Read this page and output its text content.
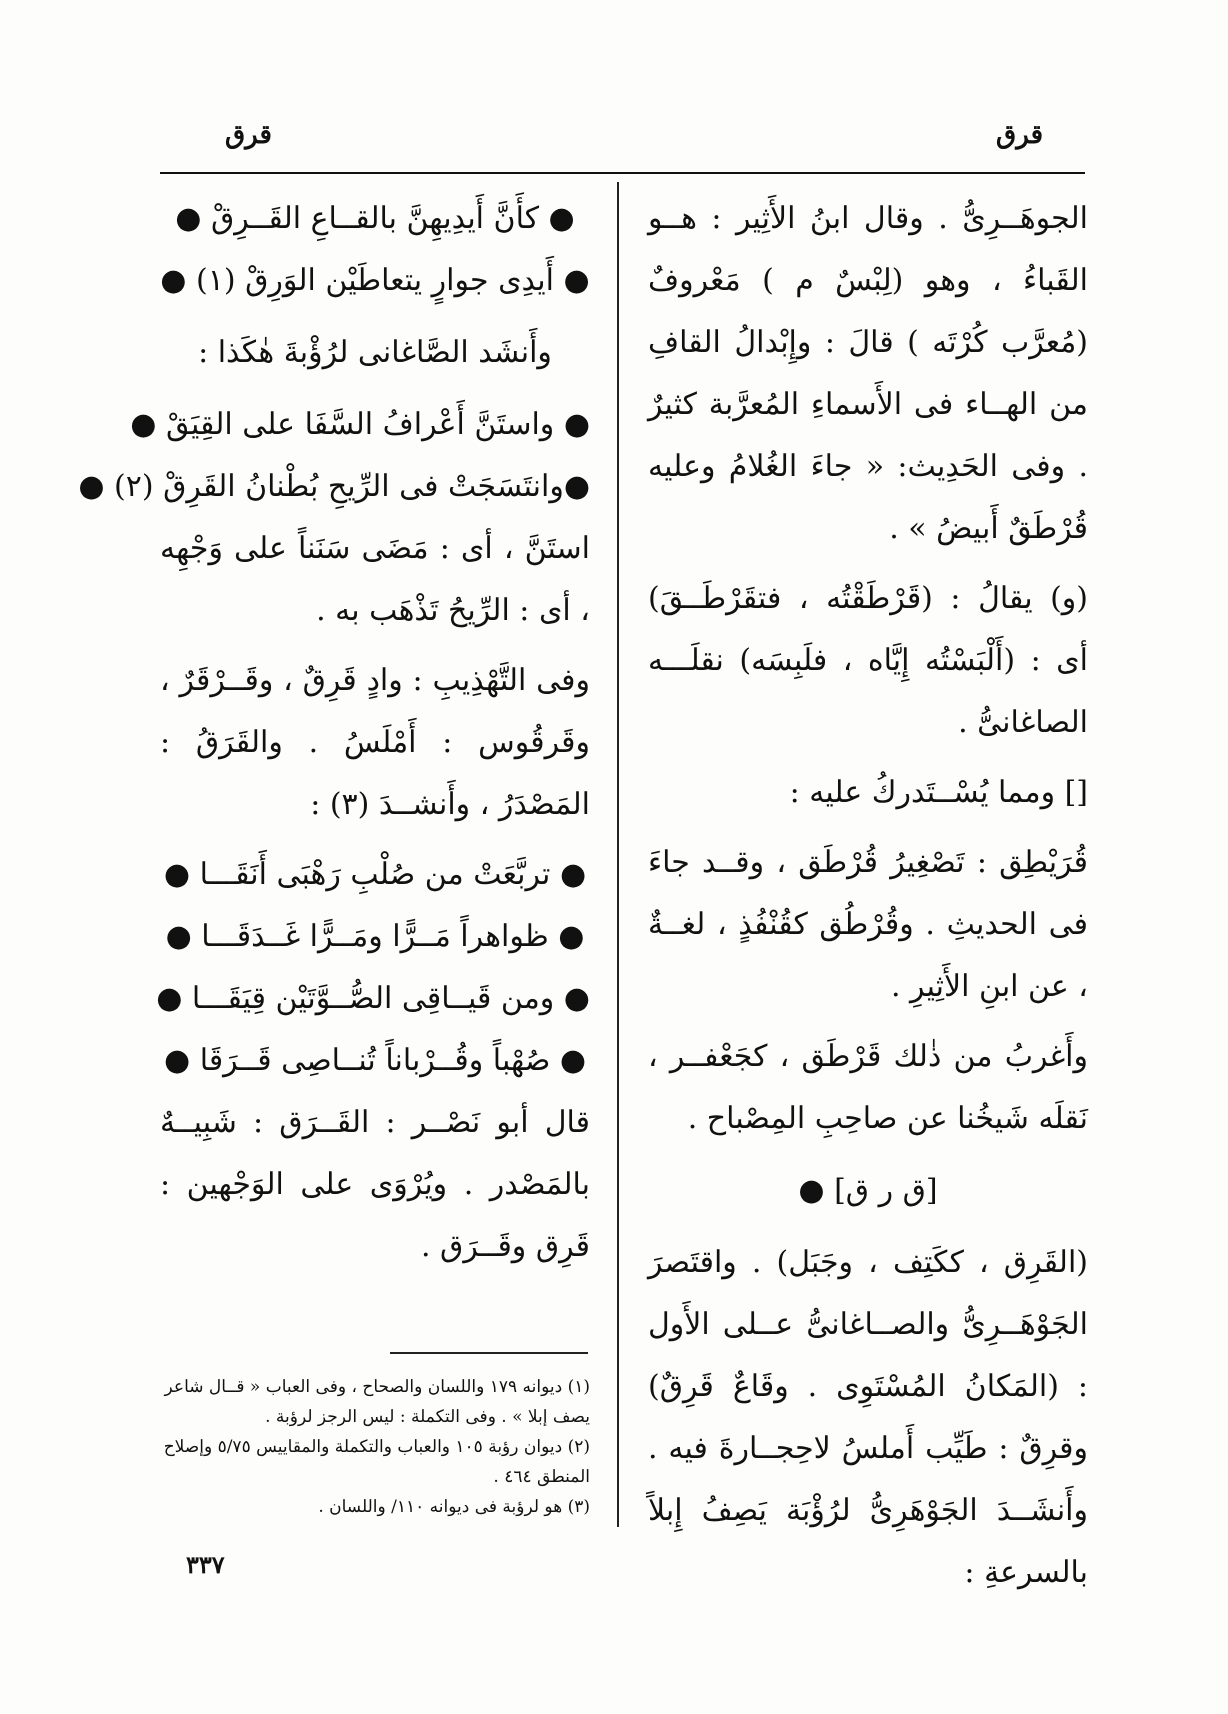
قرق
قرق

الجوهَــرِىُّ . وقال ابنُ الأَثِير : هــو القَباءُ ، وهو (لِبْسٌ م ) مَعْروفٌ (مُعرَّب كُرْتَه ) قالَ : وإِبْدالُ القافِ من الهــاء فى الأَسماءِ المُعرَّبة كثيرٌ . وفى الحَدِيث: « جاءَ الغُلامُ وعليه قُرْطَقٌ أَبيضُ » .

(و) يقالُ : (قَرْطَقْتُه ، فتقَرْطَــقَ) أى : (أَلْبَسْتُه إِيَّاه ، فلَبِسَه) نقلَـــه الصاغانىُّ .

[] ومما يُسْــتَدركُ عليه :

قُرَيْطِق : تَصْغِيرُ قُرْطَق ، وقــد جاءَ فى الحديثِ . وقُرْطُق كقُنْفُذٍ ، لغــةٌ ، عن ابنِ الأَثِيرِ .

وأَغربُ من ذٰلك قَرْطَق ، كجَعْفــر ، نَقلَه شَيخُنا عن صاحِبِ المِصْباح .

[ق ر ق] ●

(القَرِق ، ككَتِف ، وجَبَل) . واقتَصرَ الجَوْهَــرِىُّ والصــاغانىُّ عــلى الأَول : (المَكانُ المُسْتَوِى . وقَاعٌ قَرِقٌ) وقرِقٌ : طَيِّب أَملسُ لاحِجــارةَ فيه . وأَنشَــدَ الجَوْهَرِىُّ لرُؤْبَة يَصِفُ إِبلاً بالسرعةِ :

● كأَنَّ أَيدِيهِنَّ بالقــاعِ القَــرِقْ ●

● أَيدِى جوارٍ يتعاطَيْن الوَرِقْ (١) ●

وأَنشَد الصَّاغانى لرُؤْبةَ هٰكَذا :

● واستَنَّ أَعْرافُ السَّفَا على القِيَقْ ●

●وانتَسَجَتْ فى الرِّيحِ بُطْنانُ القَرِقْ (٢) ●

استَنَّ ، أى : مَضَى سَنَناً على وَجْهِه ، أى : الرِّيحُ تَذْهَب به .

وفى التَّهْذِيبِ : وادٍ قَرِقٌ ، وقَــرْقَرٌ ، وقَرقُوس : أَمْلَسُ . والقَرَقُ : المَصْدَرُ ، وأَنشــدَ (٣) :

● تربَّعَتْ من صُلْبِ رَهْبَى أَنَقَـــا ●

● ظواهراً مَــرًّا ومَــرًّا غَــدَقَـــا ●

● ومن قَيــاقِى الصُّــوَّتَيْن قِيَقَـــا ●

● صُهْباً وقُــرْباناً تُنــاصِى قَــرَقَا ●

قال أبو نَصْــر : القَــرَق : شَبِيــهٌ بالمَصْدر . ويُرْوَى على الوَجْهين : قَرِق وقَــرَق .

(١) ديوانه ١٧٩ واللسان والصحاح ، وفى العباب « قــال شاعر يصف إبلا » . وفى التكملة : ليس الرجز لرؤبة .

(٢) ديوان رؤبة ١٠٥ والعباب والتكملة والمقاييس ٥/٧٥ وإصلاح المنطق ٤٦٤ .

(٣) هو لرؤبة فى ديوانه ١١٠/ واللسان .

٣٣٧
